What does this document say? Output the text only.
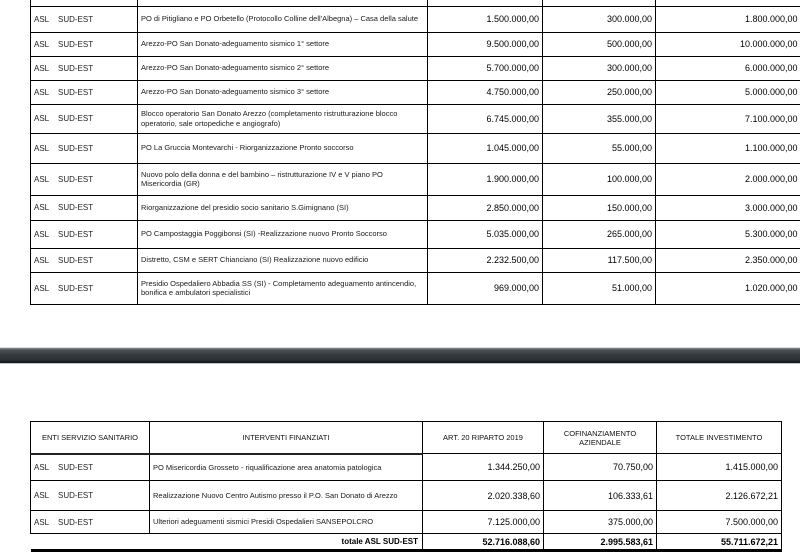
ASL SUD-EST	PO di Pitigliano e PO Orbetello (Protocollo Colline dell'Albegna) – Casa della salute	1.500.000,00	300.000,00	1.800.000,00
ASL SUD-EST	Arezzo-PO San Donato-adeguamento sismico 1° settore	9.500.000,00	500.000,00	10.000.000,00
ASL SUD-EST	Arezzo-PO San Donato-adeguamento sismico 2° settore	5.700.000,00	300.000,00	6.000.000,00
ASL SUD-EST	Arezzo-PO San Donato-adeguamento sismico 3° settore	4.750.000,00	250.000,00	5.000.000,00
ASL SUD-EST	Blocco operatorio San Donato Arezzo (completamento ristrutturazione blocco operatorio, sale ortopediche e angiografo)	6.745.000,00	355.000,00	7.100.000,00
ASL SUD-EST	PO La Gruccia Montevarchi - Riorganizzazione Pronto soccorso	1.045.000,00	55.000,00	1.100.000,00
ASL SUD-EST	Nuovo polo della donna e del bambino – ristrutturazione IV e V piano PO Misericordia (GR)	1.900.000,00	100.000,00	2.000.000,00
ASL SUD-EST	Riorganizzazione del presidio socio sanitario S.Gimignano (SI)	2.850.000,00	150.000,00	3.000.000,00
ASL SUD-EST	PO Campostaggia Poggibonsi (SI) -Realizzazione nuovo Pronto Soccorso	5.035.000,00	265.000,00	5.300.000,00
ASL SUD-EST	Distretto, CSM e SERT Chianciano (SI) Realizzazione nuovo edificio	2.232.500,00	117.500,00	2.350.000,00
ASL SUD-EST	Presidio Ospedaliero Abbadia SS (SI) - Completamento adeguamento antincendio, bonifica e ambulatori specialistici	969.000,00	51.000,00	1.020.000,00
ENTI SERVIZIO SANITARIO	INTERVENTI FINANZIATI	ART. 20 RIPARTO 2019	COFINANZIAMENTO AZIENDALE	TOTALE INVESTIMENTO
ASL SUD-EST	PO Misericordia Grosseto - riqualificazione area anatomia patologica	1.344.250,00	70.750,00	1.415.000,00
ASL SUD-EST	Realizzazione Nuovo Centro Autismo presso il P.O. San Donato di Arezzo	2.020.338,60	106.333,61	2.126.672,21
ASL SUD-EST	Ulteriori adeguamenti sismici Presidi Ospedalieri SANSEPOLCRO	7.125.000,00	375.000,00	7.500.000,00
totale ASL SUD-EST		52.716.088,60	2.995.583,61	55.711.672,21
